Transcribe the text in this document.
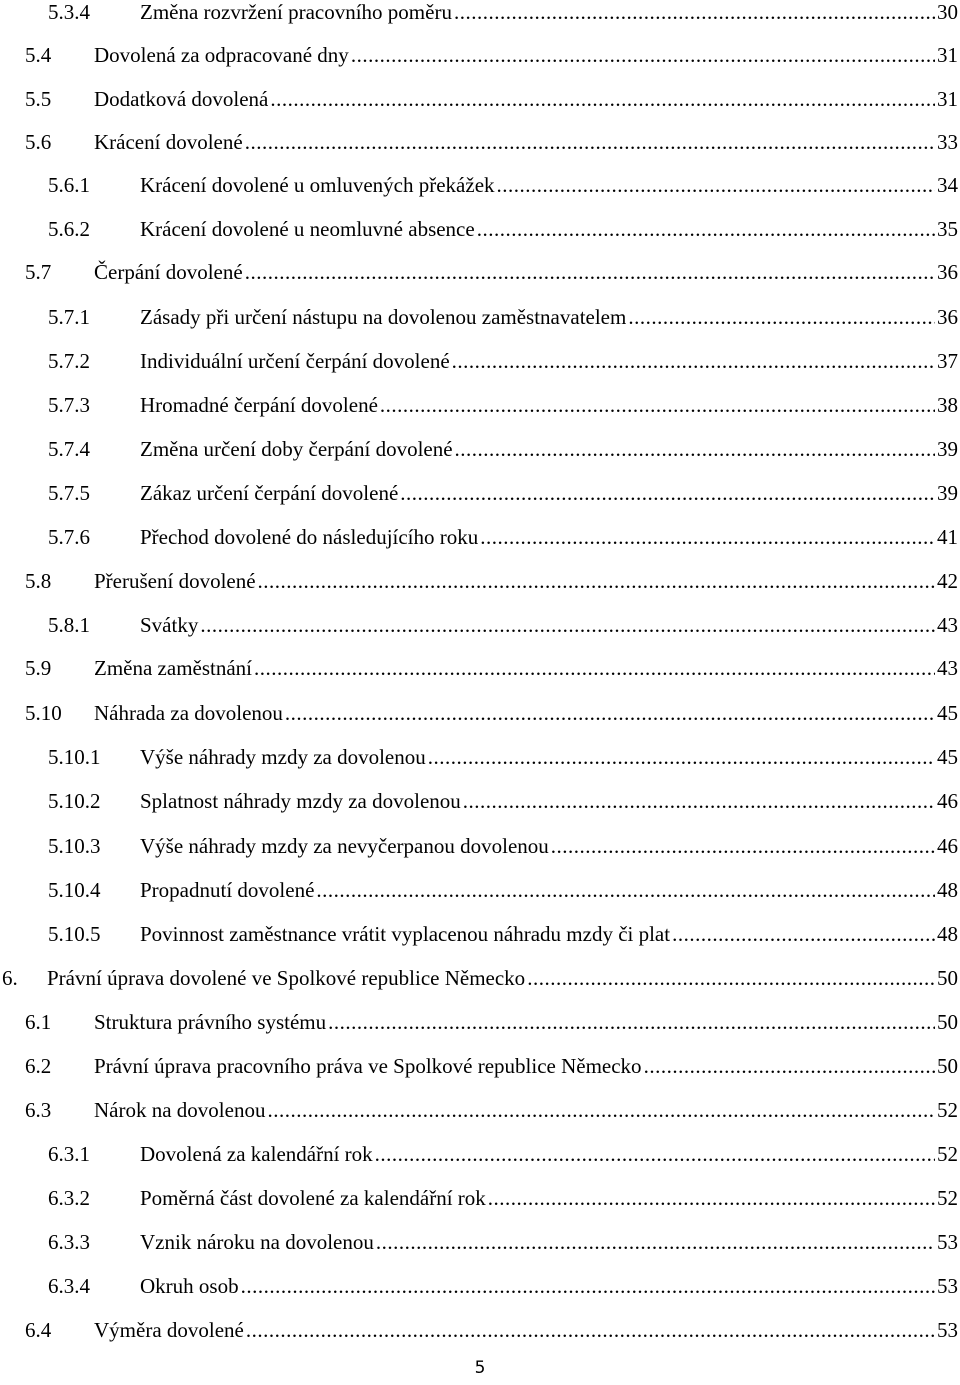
5.3.4	Změna rozvržení pracovního poměru .....	30
5.4	Dovolená za odpracované dny .....	31
5.5	Dodatková dovolená .....	31
5.6	Krácení dovolené .....	33
5.6.1	Krácení dovolené u omluvených překážek .....	34
5.6.2	Krácení dovolené u neomluvné absence .....	35
5.7	Čerpání dovolené .....	36
5.7.1	Zásady při určení nástupu na dovolenou zaměstnavatelem .....	36
5.7.2	Individuální určení čerpání dovolené .....	37
5.7.3	Hromadné čerpání dovolené .....	38
5.7.4	Změna určení doby čerpání dovolené .....	39
5.7.5	Zákaz určení čerpání dovolené .....	39
5.7.6	Přechod dovolené do následujícího roku .....	41
5.8	Přerušení dovolené .....	42
5.8.1	Svátky .....	43
5.9	Změna zaměstnání .....	43
5.10	Náhrada za dovolenou .....	45
5.10.1	Výše náhrady mzdy za dovolenou .....	45
5.10.2	Splatnost náhrady mzdy za dovolenou .....	46
5.10.3	Výše náhrady mzdy za nevyčerpanou dovolenou .....	46
5.10.4	Propadnutí dovolené .....	48
5.10.5	Povinnost zaměstnance vrátit vyplacenou náhradu mzdy či plat .....	48
6.	Právní úprava dovolené ve Spolkové republice Německo .....	50
6.1	Struktura právního systému .....	50
6.2	Právní úprava pracovního práva ve Spolkové republice Německo .....	50
6.3	Nárok na dovolenou .....	52
6.3.1	Dovolená za kalendářní rok .....	52
6.3.2	Poměrná část dovolené za kalendářní rok .....	52
6.3.3	Vznik nároku na dovolenou .....	53
6.3.4	Okruh osob .....	53
6.4	Výměra dovolené .....	53
5
